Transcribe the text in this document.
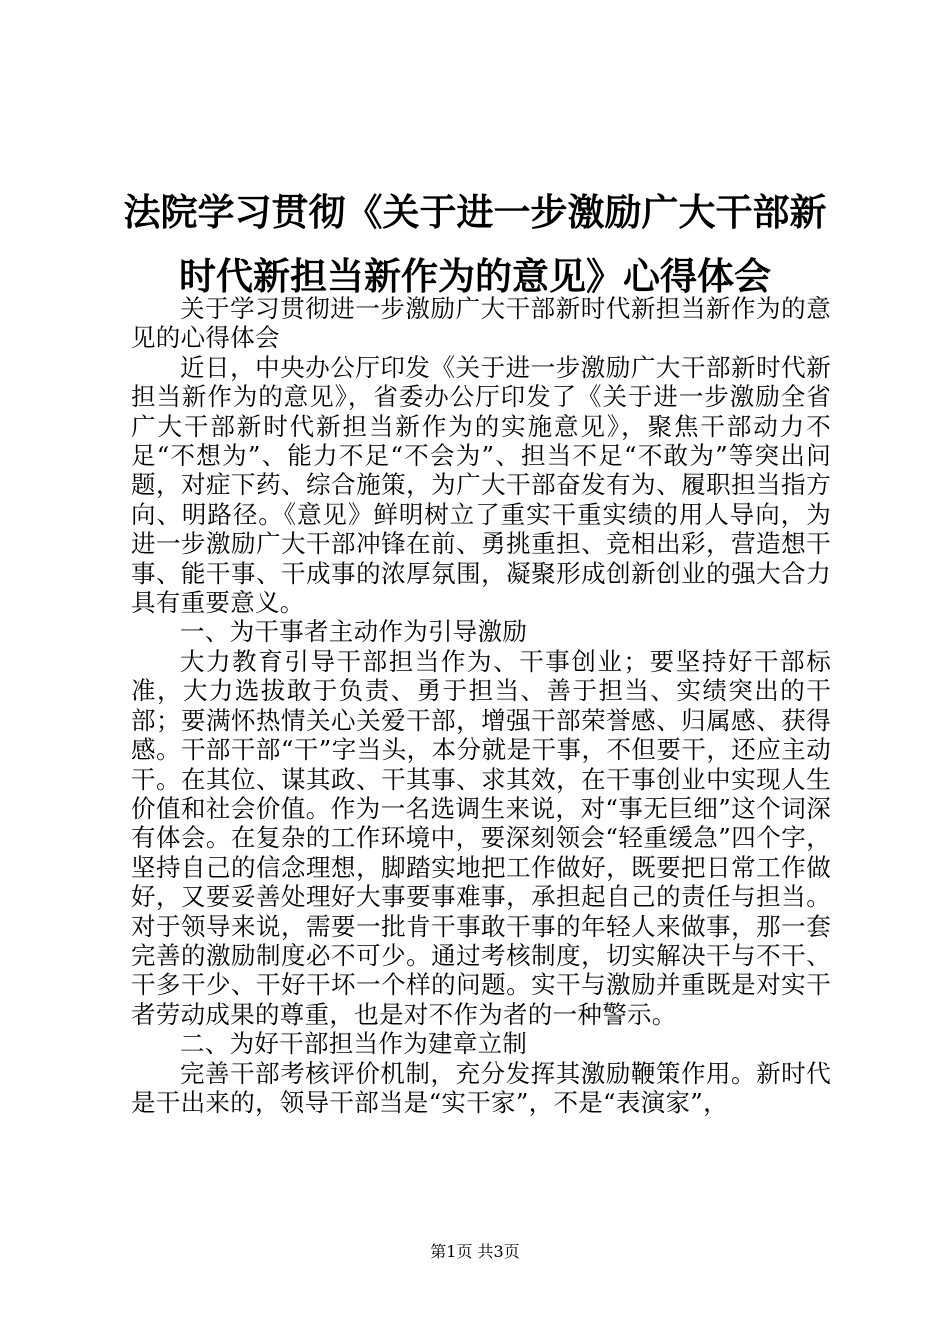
法院学习贯彻《关于进一步激励广大干部新时代新担当新作为的意见》心得体会

关于学习贯彻进一步激励广大干部新时代新担当新作为的意见的心得体会

近日，中央办公厅印发《关于进一步激励广大干部新时代新担当新作为的意见》，省委办公厅印发了《关于进一步激励全省广大干部新时代新担当新作为的实施意见》，聚焦干部动力不足“不想为”、能力不足“不会为”、担当不足“不敢为”等突出问题，对症下药、综合施策，为广大干部奋发有为、履职担当指方向、明路径。《意见》鲜明树立了重实干重实绩的用人导向，为进一步激励广大干部冲锋在前、勇挑重担、竞相出彩，营造想干事、能干事、干成事的浓厚氛围，凝聚形成创新创业的强大合力具有重要意义。

一、为干事者主动作为引导激励

大力教育引导干部担当作为、干事创业；要坚持好干部标准，大力选拔敢于负责、勇于担当、善于担当、实绩突出的干部；要满怀热情关心关爱干部，增强干部荣誉感、归属感、获得感。干部干部“干”字当头，本分就是干事，不但要干，还应主动干。在其位、谋其政、干其事、求其效，在干事创业中实现人生价值和社会价值。作为一名选调生来说，对“事无巨细”这个词深有体会。在复杂的工作环境中，要深刻领会“轻重缓急”四个字，坚持自己的信念理想，脚踏实地把工作做好，既要把日常工作做好，又要妥善处理好大事要事难事，承担起自己的责任与担当。对于领导来说，需要一批肯干事敢干事的年轻人来做事，那一套完善的激励制度必不可少。通过考核制度，切实解决干与不干、干多干少、干好干坏一个样的问题。实干与激励并重既是对实干者劳动成果的尊重，也是对不作为者的一种警示。

二、为好干部担当作为建章立制

完善干部考核评价机制，充分发挥其激励鞭策作用。新时代是干出来的，领导干部当是“实干家”，不是“表演家”，

第1页 共3页
